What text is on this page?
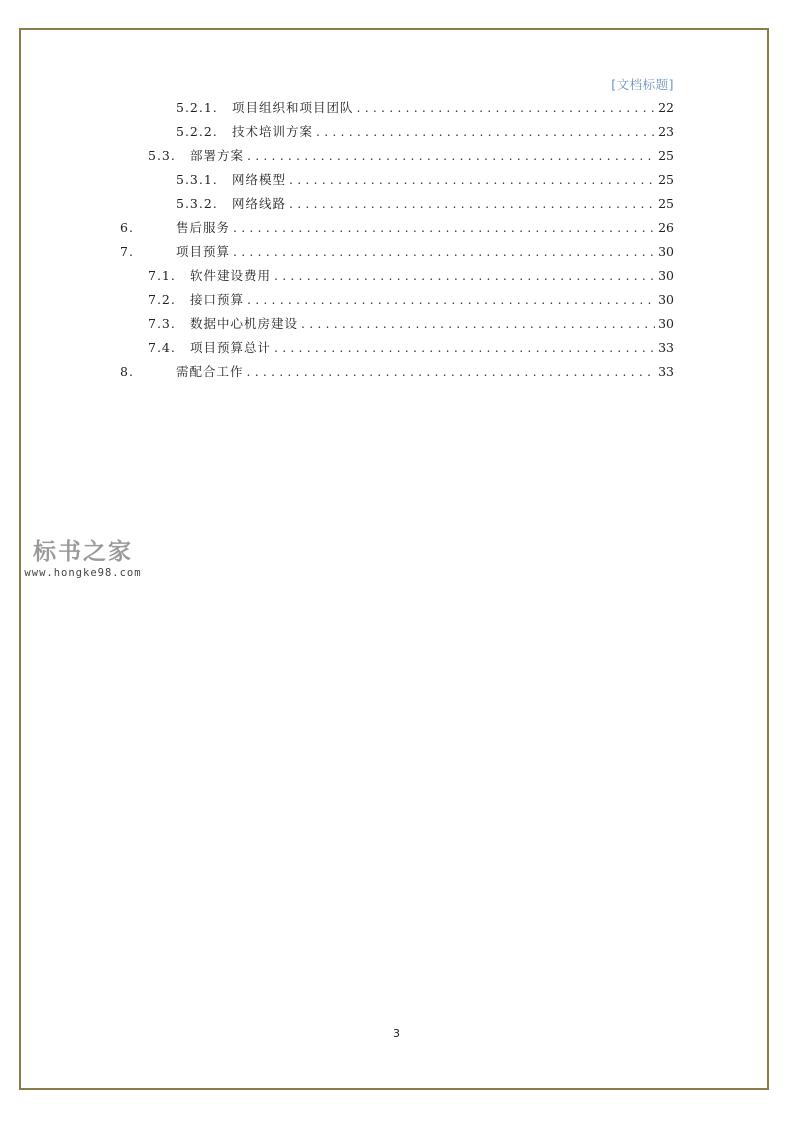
[文档标题]
5.2.1.	项目组织和项目团队 .....	22
5.2.2.	技术培训方案 .....	23
5.3.	部署方案 .....	25
5.3.1.	网络模型 .....	25
5.3.2.	网络线路 .....	25
6.	售后服务 .....	26
7.	项目预算 .....	30
7.1.	软件建设费用 .....	30
7.2.	接口预算 .....	30
7.3.	数据中心机房建设 .....	30
7.4.	项目预算总计 .....	33
8.	需配合工作 .....	33
标书之家
www.hongke98.com
3
